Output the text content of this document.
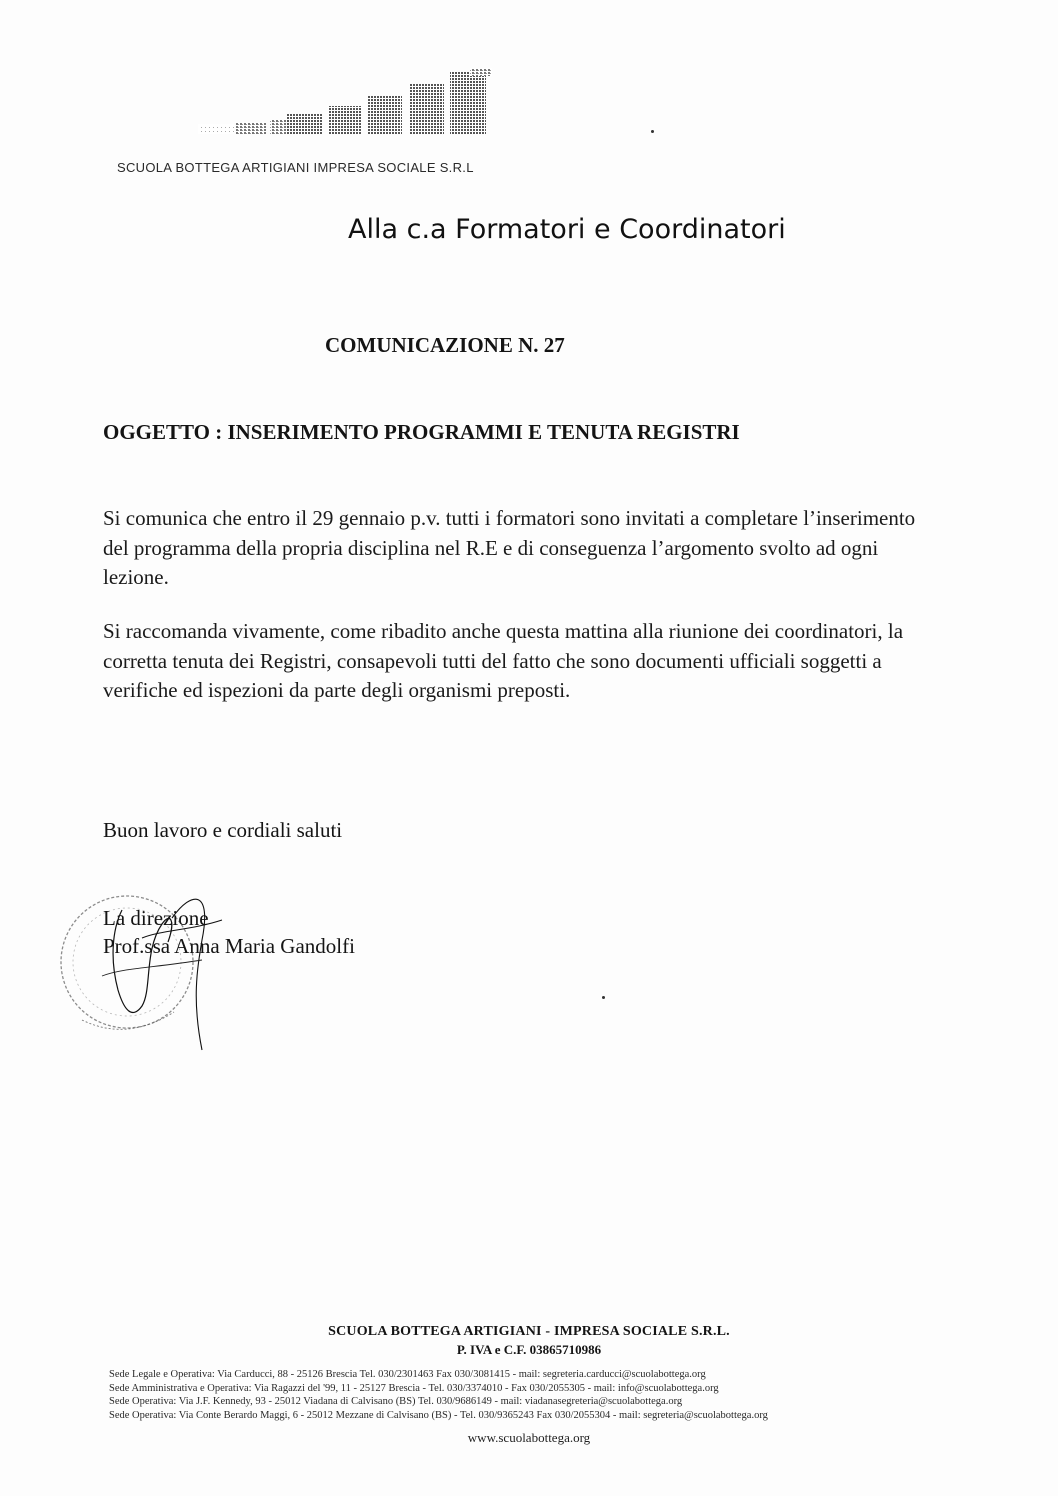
SCUOLA BOTTEGA ARTIGIANI IMPRESA SOCIALE S.R.L
Alla c.a Formatori e Coordinatori
COMUNICAZIONE N. 27
OGGETTO : INSERIMENTO PROGRAMMI E TENUTA REGISTRI
Si comunica che entro il 29 gennaio p.v. tutti i formatori sono invitati a completare l’inserimento del programma della propria disciplina nel R.E e di conseguenza l’argomento svolto ad ogni lezione.
Si raccomanda vivamente, come ribadito anche questa mattina alla riunione dei coordinatori, la corretta tenuta dei Registri, consapevoli tutti del fatto che sono documenti ufficiali soggetti a verifiche ed ispezioni da parte degli organismi preposti.
Buon lavoro e cordiali saluti
La direzione
Prof.ssa Anna Maria Gandolfi
SCUOLA BOTTEGA ARTIGIANI - IMPRESA SOCIALE S.R.L.
P. IVA e C.F. 03865710986
Sede Legale e Operativa: Via Carducci, 88 - 25126 Brescia Tel. 030/2301463 Fax 030/3081415 - mail: segreteria.carducci@scuolabottega.org
Sede Amministrativa e Operativa: Via Ragazzi del '99, 11 - 25127 Brescia - Tel. 030/3374010 - Fax 030/2055305 - mail: info@scuolabottega.org
Sede Operativa: Via J.F. Kennedy, 93 - 25012 Viadana di Calvisano (BS) Tel. 030/9686149 - mail: viadanasegreteria@scuolabottega.org
Sede Operativa: Via Conte Berardo Maggi, 6 - 25012 Mezzane di Calvisano (BS) - Tel. 030/9365243 Fax 030/2055304 - mail: segreteria@scuolabottega.org
www.scuolabottega.org
